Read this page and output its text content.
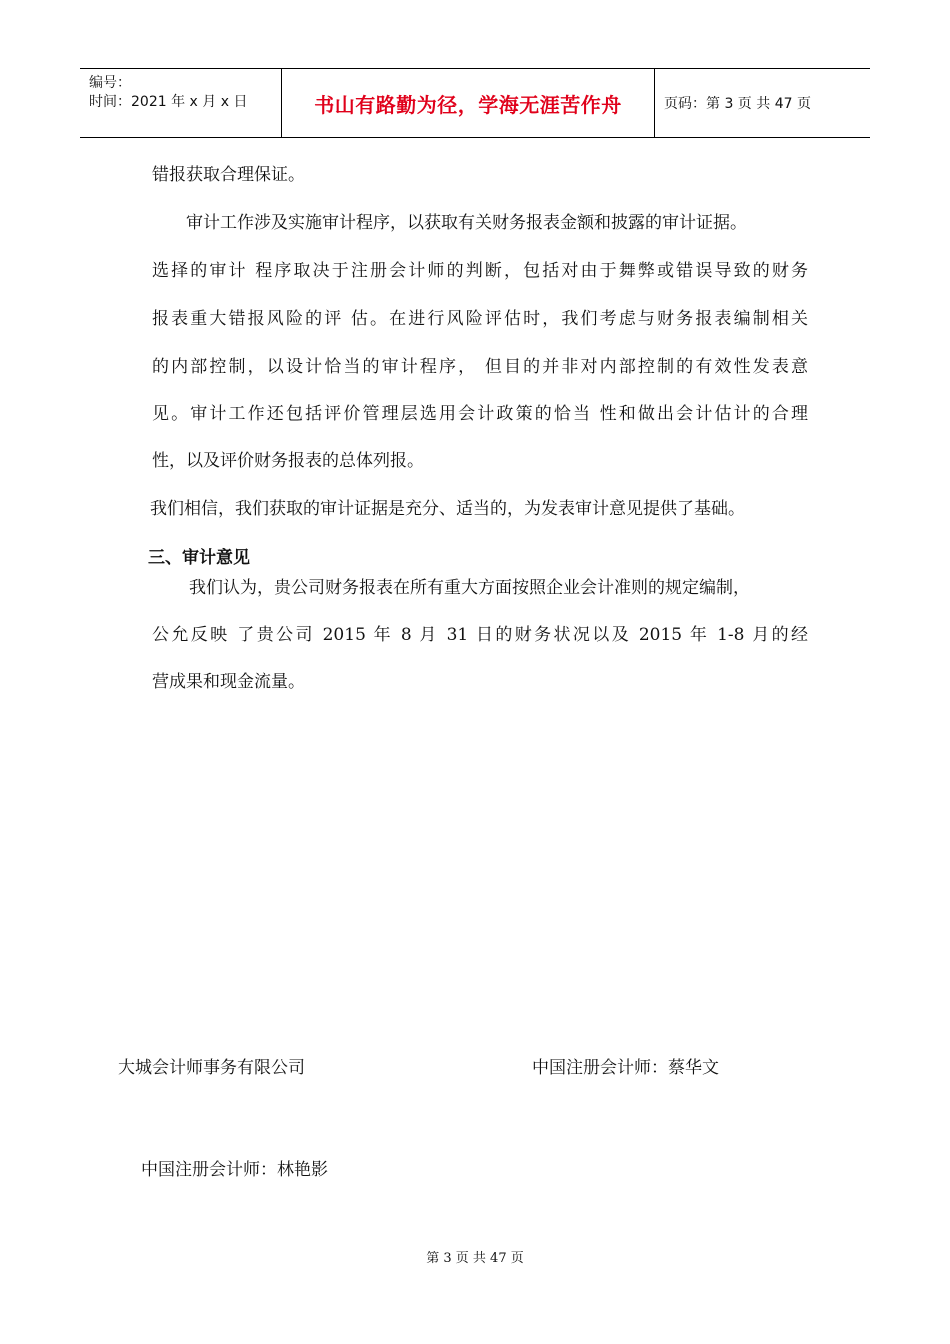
编号：
时间：2021 年 x 月 x 日	书山有路勤为径，学海无涯苦作舟	页码：第 3 页 共 47 页
错报获取合理保证。
审计工作涉及实施审计程序，以获取有关财务报表金额和披露的审计证据。
选择的审计 程序取决于注册会计师的判断，包括对由于舞弊或错误导致的财务
报表重大错报风险的评 估。在进行风险评估时，我们考虑与财务报表编制相关
的内部控制，以设计恰当的审计程序， 但目的并非对内部控制的有效性发表意
见。审计工作还包括评价管理层选用会计政策的恰当 性和做出会计估计的合理
性，以及评价财务报表的总体列报。
我们相信，我们获取的审计证据是充分、适当的，为发表审计意见提供了基础。
三、审计意见
我们认为，贵公司财务报表在所有重大方面按照企业会计准则的规定编制，
公允反映 了贵公司 2015 年 8 月 31 日的财务状况以及 2015 年 1-8 月的经
营成果和现金流量。
大城会计师事务有限公司	中国注册会计师：蔡华文
中国注册会计师：林艳影
第 3 页 共 47 页
